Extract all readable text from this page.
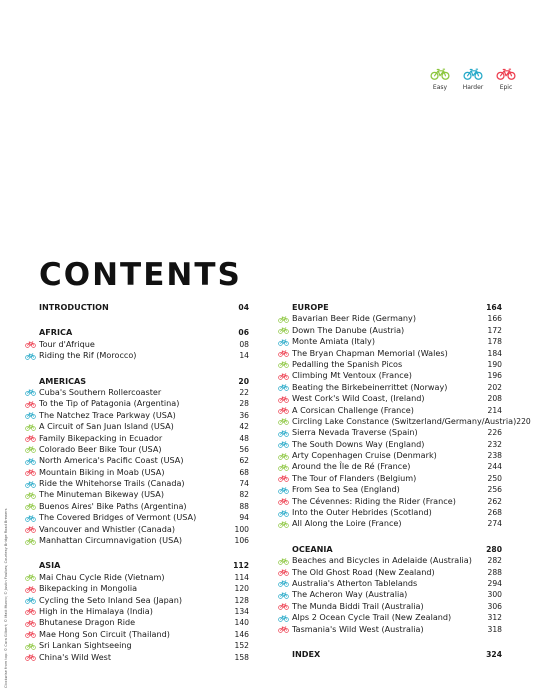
Easy	Harder	Epic
CONTENTS
Clockwise from top: © Cara Gilbert; © Matt Munro; © Justin Foulkes; Courtesy Bridge Road Brewers
INTRODUCTION	04
AFRICA	06
Tour d'Afrique	08
Riding the Rif (Morocco)	14
AMERICAS	20
Cuba's Southern Rollercoaster	22
To the Tip of Patagonia (Argentina)	28
The Natchez Trace Parkway (USA)	36
A Circuit of San Juan Island (USA)	42
Family Bikepacking in Ecuador	48
Colorado Beer Bike Tour (USA)	56
North America's Pacific Coast (USA)	62
Mountain Biking in Moab (USA)	68
Ride the Whitehorse Trails (Canada)	74
The Minuteman Bikeway (USA)	82
Buenos Aires' Bike Paths (Argentina)	88
The Covered Bridges of Vermont (USA)	94
Vancouver and Whistler (Canada)	100
Manhattan Circumnavigation (USA)	106
ASIA	112
Mai Chau Cycle Ride (Vietnam)	114
Bikepacking in Mongolia	120
Cycling the Seto Inland Sea (Japan)	128
High in the Himalaya (India)	134
Bhutanese Dragon Ride	140
Mae Hong Son Circuit (Thailand)	146
Sri Lankan Sightseeing	152
China's Wild West	158
EUROPE	164
Bavarian Beer Ride (Germany)	166
Down The Danube (Austria)	172
Monte Amiata (Italy)	178
The Bryan Chapman Memorial (Wales)	184
Pedalling the Spanish Picos	190
Climbing Mt Ventoux (France)	196
Beating the Birkebeinerrittet (Norway)	202
West Cork's Wild Coast, (Ireland)	208
A Corsican Challenge (France)	214
Circling Lake Constance (Switzerland/Germany/Austria) 220
Sierra Nevada Traverse (Spain)	226
The South Downs Way (England)	232
Arty Copenhagen Cruise (Denmark)	238
Around the Île de Ré (France)	244
The Tour of Flanders (Belgium)	250
From Sea to Sea (England)	256
The Cévennes: Riding the Rider (France)	262
Into the Outer Hebrides (Scotland)	268
All Along the Loire (France)	274
OCEANIA	280
Beaches and Bicycles in Adelaide (Australia)	282
The Old Ghost Road (New Zealand)	288
Australia's Atherton Tablelands	294
The Acheron Way (Australia)	300
The Munda Biddi Trail (Australia)	306
Alps 2 Ocean Cycle Trail (New Zealand)	312
Tasmania's Wild West (Australia)	318
INDEX	324
